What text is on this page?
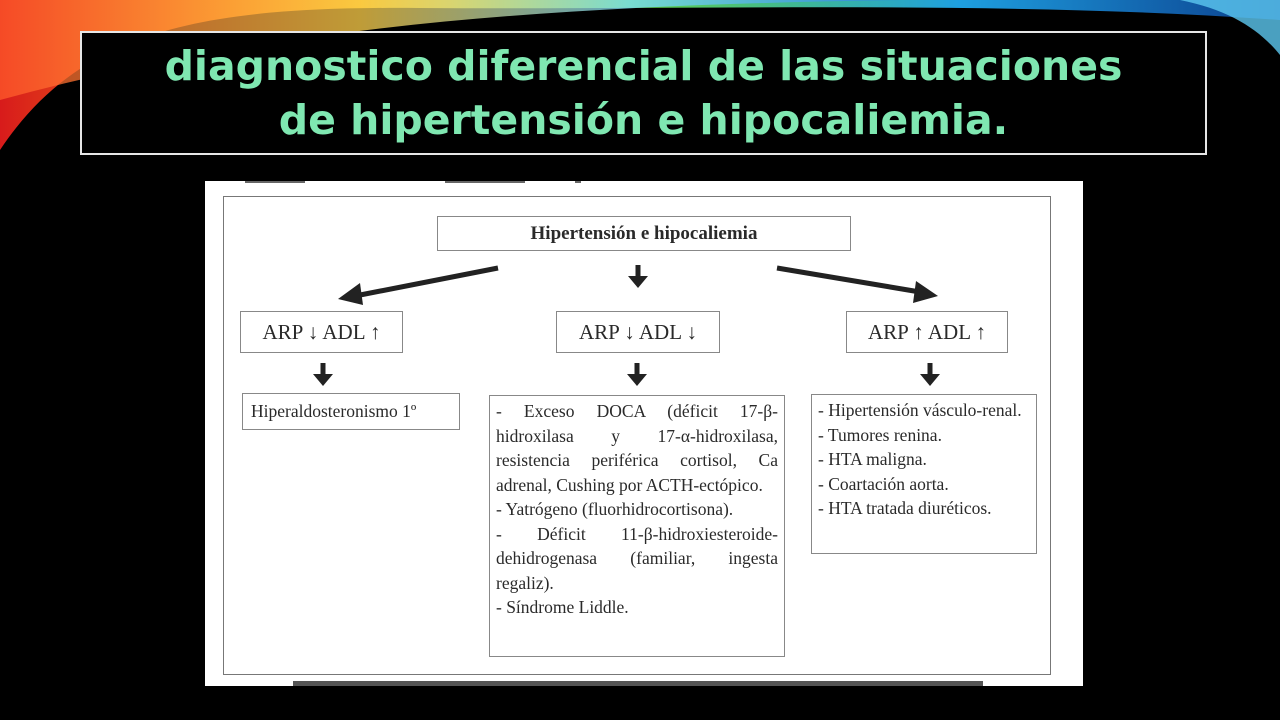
diagnostico diferencial de las situaciones
de hipertensión e hipocaliemia.
Hipertensión e hipocaliemia
ARP ↓ ADL ↑	ARP ↓ ADL ↓	ARP ↑ ADL ↑
Hiperaldosteronismo 1º	- Exceso DOCA (déficit 17-β-hidroxilasa y 17-α-hidroxilasa, resistencia periférica cortisol, Ca adrenal, Cushing por ACTH-ectópico.
- Yatrógeno (fluorhidrocortisona).
- Déficit 11-β-hidroxiesteroide-dehidrogenasa (familiar, ingesta regaliz).
- Síndrome Liddle.
- Hipertensión vásculo-renal.
- Tumores renina.
- HTA maligna.
- Coartación aorta.
- HTA tratada diuréticos.
